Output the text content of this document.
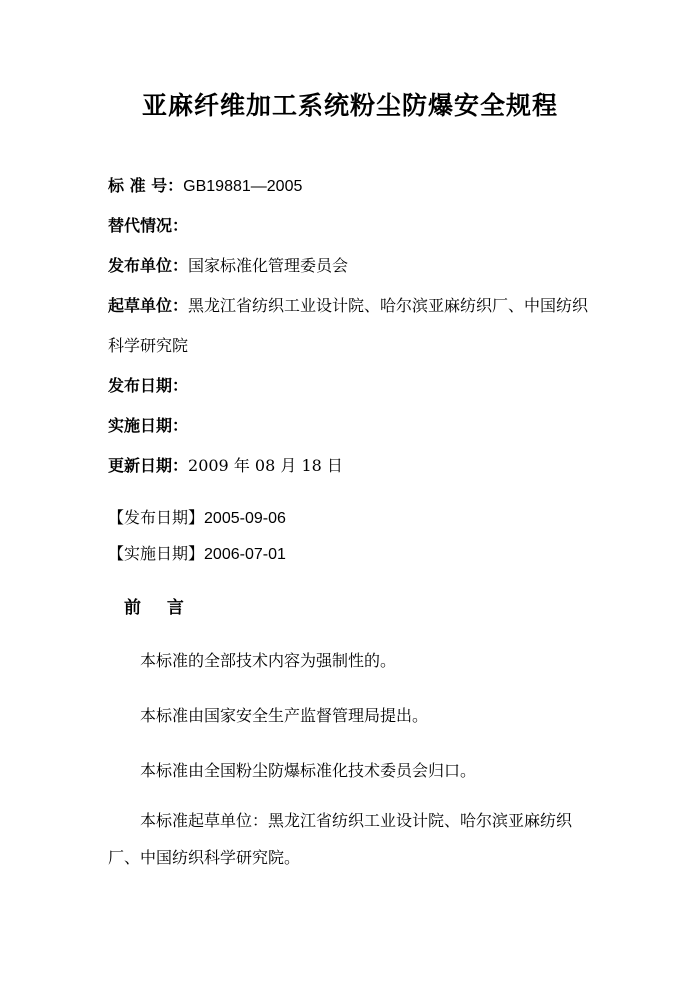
亚麻纤维加工系统粉尘防爆安全规程
标 准 号：GB19881—2005
替代情况：
发布单位：国家标准化管理委员会
起草单位：黑龙江省纺织工业设计院、哈尔滨亚麻纺织厂、中国纺织科学研究院
发布日期：
实施日期：
更新日期：2009 年 08 月 18 日
【发布日期】2005-09-06
【实施日期】2006-07-01
前 言
本标准的全部技术内容为强制性的。
本标准由国家安全生产监督管理局提出。
本标准由全国粉尘防爆标准化技术委员会归口。
本标准起草单位：黑龙江省纺织工业设计院、哈尔滨亚麻纺织厂、中国纺织科学研究院。
